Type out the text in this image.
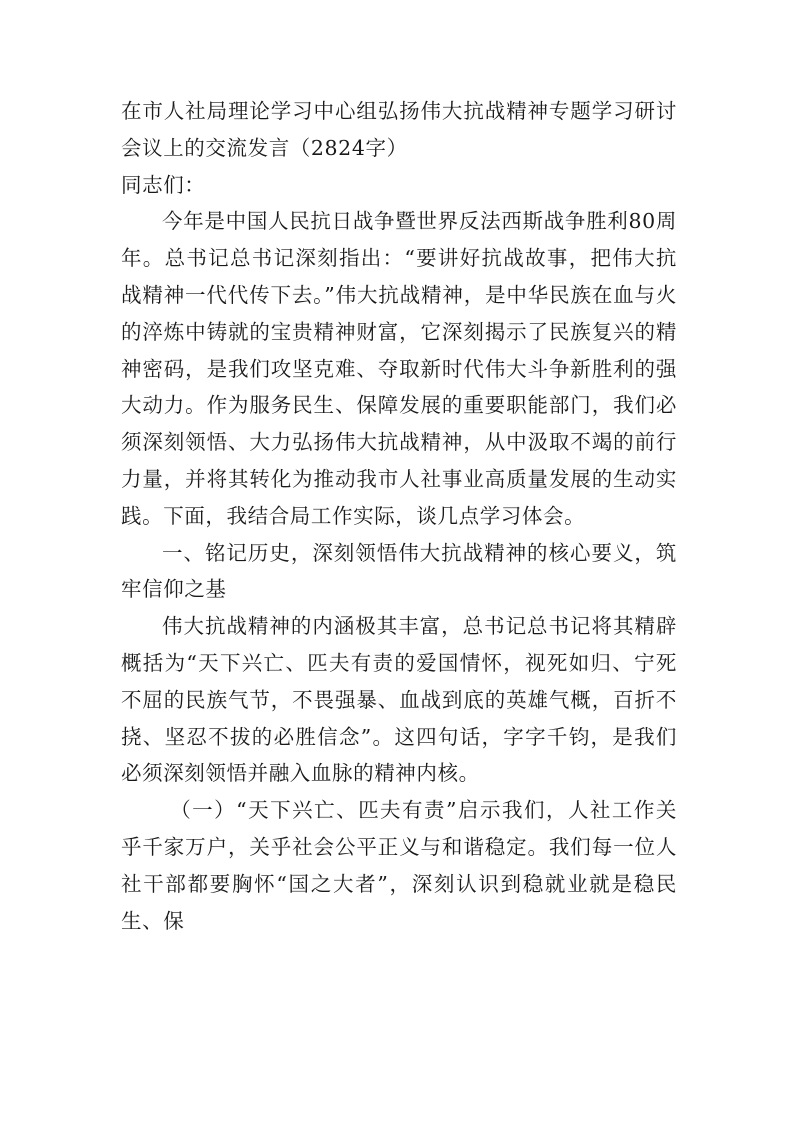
在市人社局理论学习中心组弘扬伟大抗战精神专题学习研讨会议上的交流发言（2824字）

同志们：

今年是中国人民抗日战争暨世界反法西斯战争胜利80周年。总书记总书记深刻指出：“要讲好抗战故事，把伟大抗战精神一代代传下去。”伟大抗战精神，是中华民族在血与火的淬炼中铸就的宝贵精神财富，它深刻揭示了民族复兴的精神密码，是我们攻坚克难、夺取新时代伟大斗争新胜利的强大动力。作为服务民生、保障发展的重要职能部门，我们必须深刻领悟、大力弘扬伟大抗战精神，从中汲取不竭的前行力量，并将其转化为推动我市人社事业高质量发展的生动实践。下面，我结合局工作实际，谈几点学习体会。

一、铭记历史，深刻领悟伟大抗战精神的核心要义，筑牢信仰之基

伟大抗战精神的内涵极其丰富，总书记总书记将其精辟概括为“天下兴亡、匹夫有责的爱国情怀，视死如归、宁死不屈的民族气节，不畏强暴、血战到底的英雄气概，百折不挠、坚忍不拔的必胜信念”。这四句话，字字千钧，是我们必须深刻领悟并融入血脉的精神内核。

（一）“天下兴亡、匹夫有责”启示我们，人社工作关乎千家万户，关乎社会公平正义与和谐稳定。我们每一位人社干部都要胸怀“国之大者”，深刻认识到稳就业就是稳民生、保
